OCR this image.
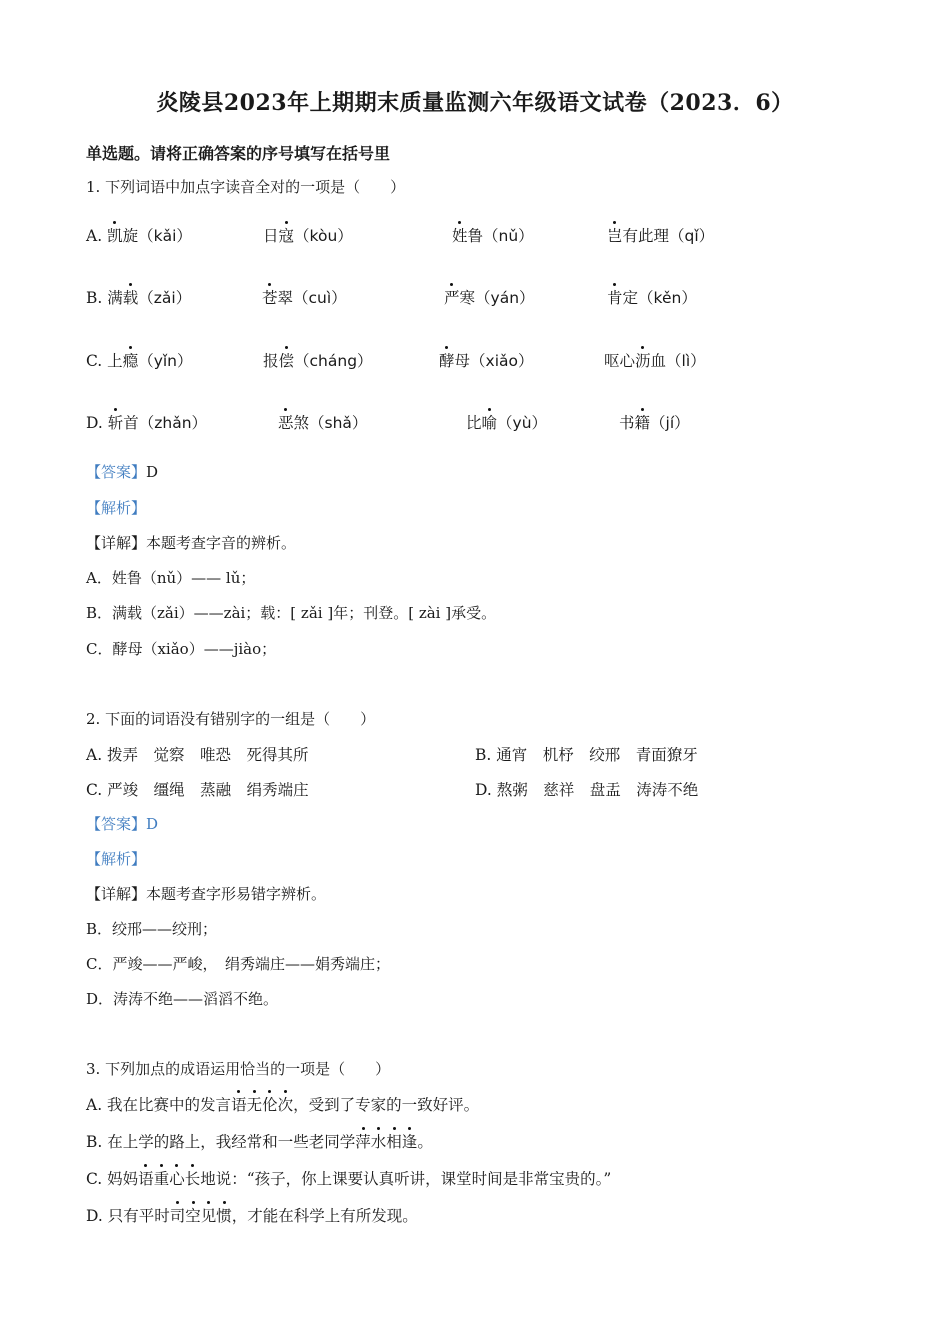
炎陵县2023年上期期末质量监测六年级语文试卷（2023．6）
单选题。请将正确答案的序号填写在括号里
1. 下列词语中加点字读音全对的一项是（　　）
A. 凯旋（kǎi）	日寇（kòu）	姓鲁（nǔ）	岂有此理（qǐ）
B. 满载（zǎi）	苍翠（cuì）	严寒（yán）	肯定（kěn）
C. 上瘾（yǐn）	报偿（cháng）	酵母（xiǎo）	呕心沥血（lì）
D. 斩首（zhǎn）	恶煞（shǎ）	比喻（yù）	书籍（jí）
【答案】D
【解析】
【详解】本题考查字音的辨析。
A．姓鲁（nǔ）—— lǔ；
B．满载（zǎi）——zài；载：[ zǎi ]年；刊登。[ zài ]承受。
C．酵母（xiǎo）——jiào；
2. 下面的词语没有错别字的一组是（　　）
A. 拨弄　觉察　唯恐　死得其所	B. 通宵　机杼　绞邢　青面獠牙
C. 严竣　缰绳　蒸融　绢秀端庄	D. 熬粥　慈祥　盘盂　涛涛不绝
【答案】D
【解析】
【详解】本题考查字形易错字辨析。
B．绞邢——绞刑；
C．严竣——严峻，　绢秀端庄——娟秀端庄；
D．涛涛不绝——滔滔不绝。
3. 下列加点的成语运用恰当的一项是（　　）
A. 我在比赛中的发言语无伦次，受到了专家的一致好评。
B. 在上学的路上，我经常和一些老同学萍水相逢。
C. 妈妈语重心长地说：“孩子，你上课要认真听讲，课堂时间是非常宝贵的。”
D. 只有平时司空见惯，才能在科学上有所发现。
